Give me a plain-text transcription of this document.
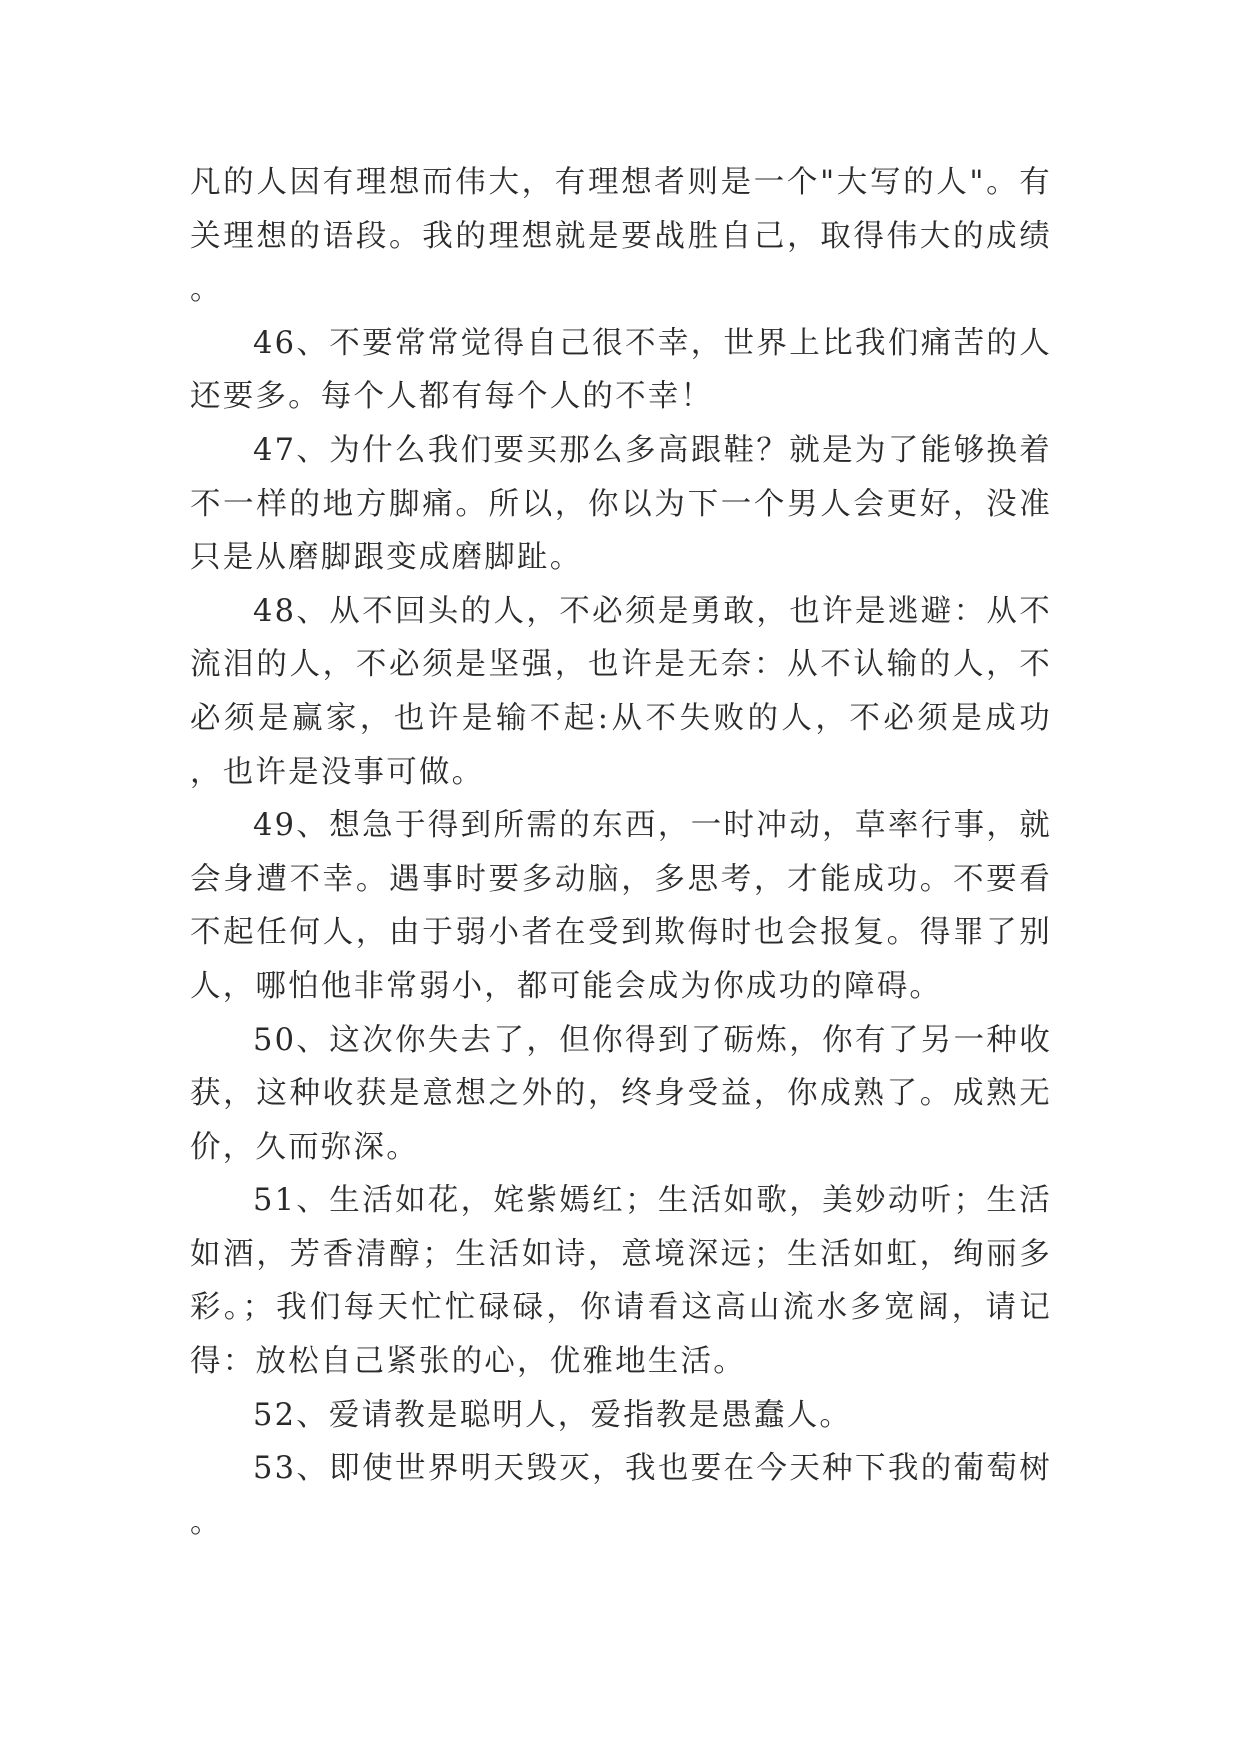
凡的人因有理想而伟大，有理想者则是一个"大写的人"。有关理想的语段。我的理想就是要战胜自己，取得伟大的成绩。

46、不要常常觉得自己很不幸，世界上比我们痛苦的人还要多。每个人都有每个人的不幸！

47、为什么我们要买那么多高跟鞋？就是为了能够换着不一样的地方脚痛。所以，你以为下一个男人会更好，没准只是从磨脚跟变成磨脚趾。

48、从不回头的人，不必须是勇敢，也许是逃避：从不流泪的人，不必须是坚强，也许是无奈：从不认输的人，不必须是赢家，也许是输不起:从不失败的人，不必须是成功，也许是没事可做。

49、想急于得到所需的东西，一时冲动，草率行事，就会身遭不幸。遇事时要多动脑，多思考，才能成功。不要看不起任何人，由于弱小者在受到欺侮时也会报复。得罪了别人，哪怕他非常弱小，都可能会成为你成功的障碍。

50、这次你失去了，但你得到了砺炼，你有了另一种收获，这种收获是意想之外的，终身受益，你成熟了。成熟无价，久而弥深。

51、生活如花，姹紫嫣红；生活如歌，美妙动听；生活如酒，芳香清醇；生活如诗，意境深远；生活如虹，绚丽多彩。；我们每天忙忙碌碌，你请看这高山流水多宽阔，请记得：放松自己紧张的心，优雅地生活。

52、爱请教是聪明人，爱指教是愚蠢人。

53、即使世界明天毁灭，我也要在今天种下我的葡萄树。
